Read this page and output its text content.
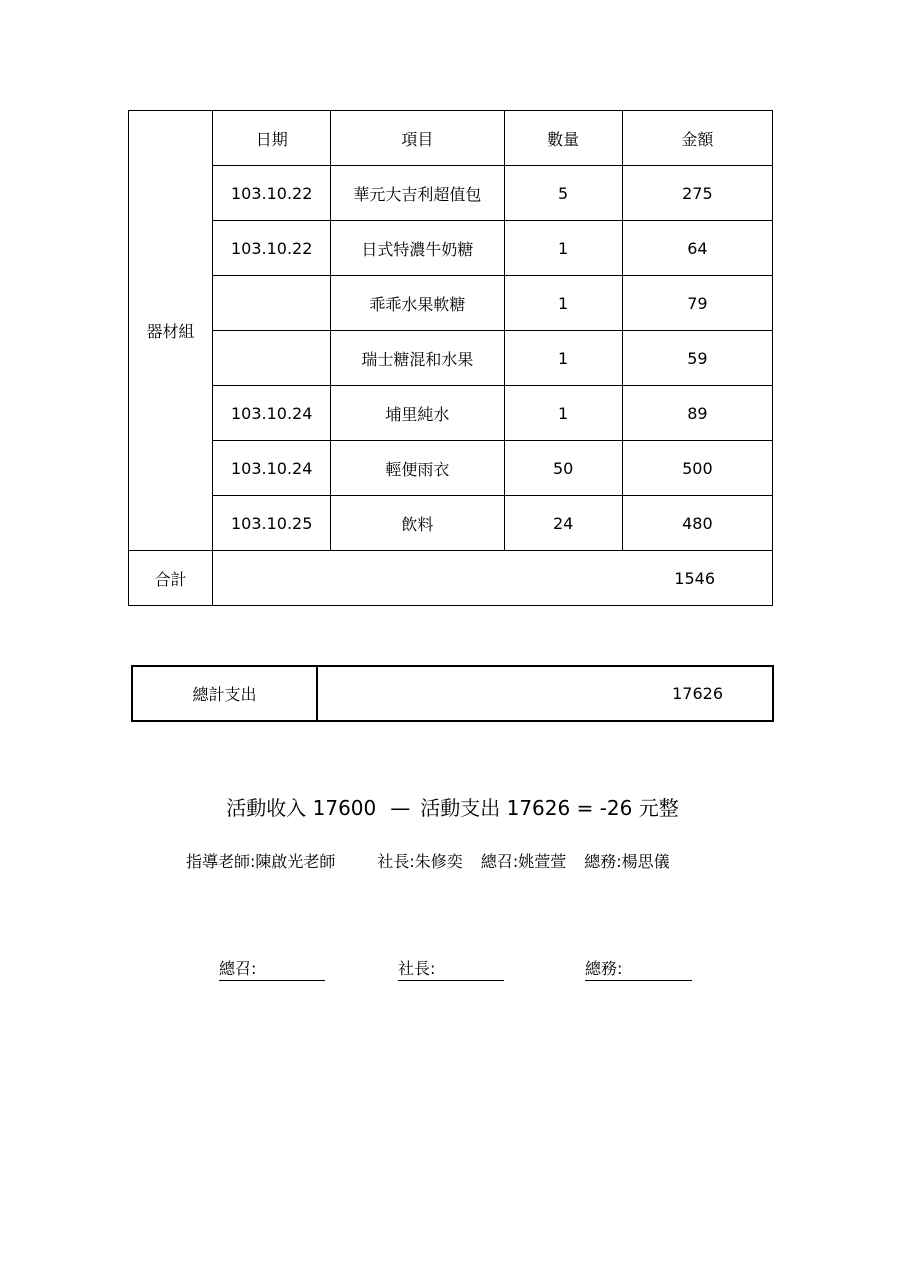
器材組	日期	項目	數量	金額
	103.10.22	華元大吉利超值包	5	275
	103.10.22	日式特濃牛奶糖	1	64
		乖乖水果軟糖	1	79
		瑞士糖混和水果	1	59
	103.10.24	埔里純水	1	89
	103.10.24	輕便雨衣	50	500
	103.10.25	飲料	24	480
合計	1546			
總計支出	17626
活動收入 17600 — 活動支出 17626 = -26 元整
指導老師:陳啟光老師	社長:朱修奕 總召:姚萱萱 總務:楊思儀
總召:	社長:	總務:
